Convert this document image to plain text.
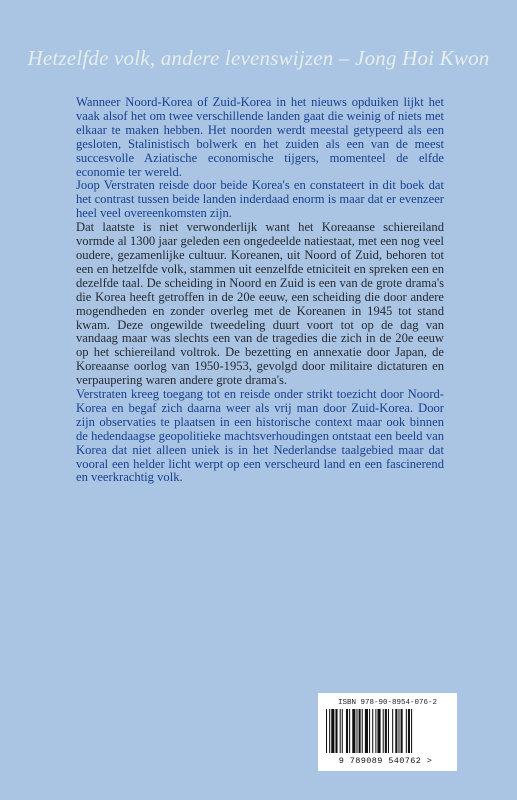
Hetzelfde volk, andere levenswijzen – Jong Hoi Kwon

Wanneer Noord-Korea of Zuid-Korea in het nieuws opduiken lijkt het vaak alsof het om twee verschillende landen gaat die weinig of niets met elkaar te maken hebben. Het noorden werdt meestal getypeerd als een gesloten, Stalinistisch bolwerk en het zuiden als een van de meest succesvolle Aziatische economische tijgers, momenteel de elfde economie ter wereld.

Joop Verstraten reisde door beide Korea's en constateert in dit boek dat het contrast tussen beide landen inderdaad enorm is maar dat er evenzeer heel veel overeenkomsten zijn.

Dat laatste is niet verwonderlijk want het Koreaanse schiereiland vormde al 1300 jaar geleden een ongedeelde natiestaat, met een nog veel oudere, gezamenlijke cultuur. Koreanen, uit Noord of Zuid, behoren tot een en hetzelfde volk, stammen uit eenzelfde etniciteit en spreken een en dezelfde taal. De scheiding in Noord en Zuid is een van de grote drama's die Korea heeft getroffen in de 20e eeuw, een scheiding die door andere mogendheden en zonder overleg met de Koreanen in 1945 tot stand kwam. Deze ongewilde tweedeling duurt voort tot op de dag van vandaag maar was slechts een van de tragedies die zich in de 20e eeuw op het schiereiland voltrok. De bezetting en annexatie door Japan, de Koreaanse oorlog van 1950-1953, gevolgd door militaire dictaturen en verpaupering waren andere grote drama's.

Verstraten kreeg toegang tot en reisde onder strikt toezicht door Noord-Korea en begaf zich daarna weer als vrij man door Zuid-Korea. Door zijn observaties te plaatsen in een historische context maar ook binnen de hedendaagse geopolitieke machtsverhoudingen ontstaat een beeld van Korea dat niet alleen uniek is in het Nederlandse taalgebied maar dat vooral een helder licht werpt op een verscheurd land en een fascinerend en veerkrachtig volk.

ISBN 978-90-8954-076-2
9 789089 540762 >
